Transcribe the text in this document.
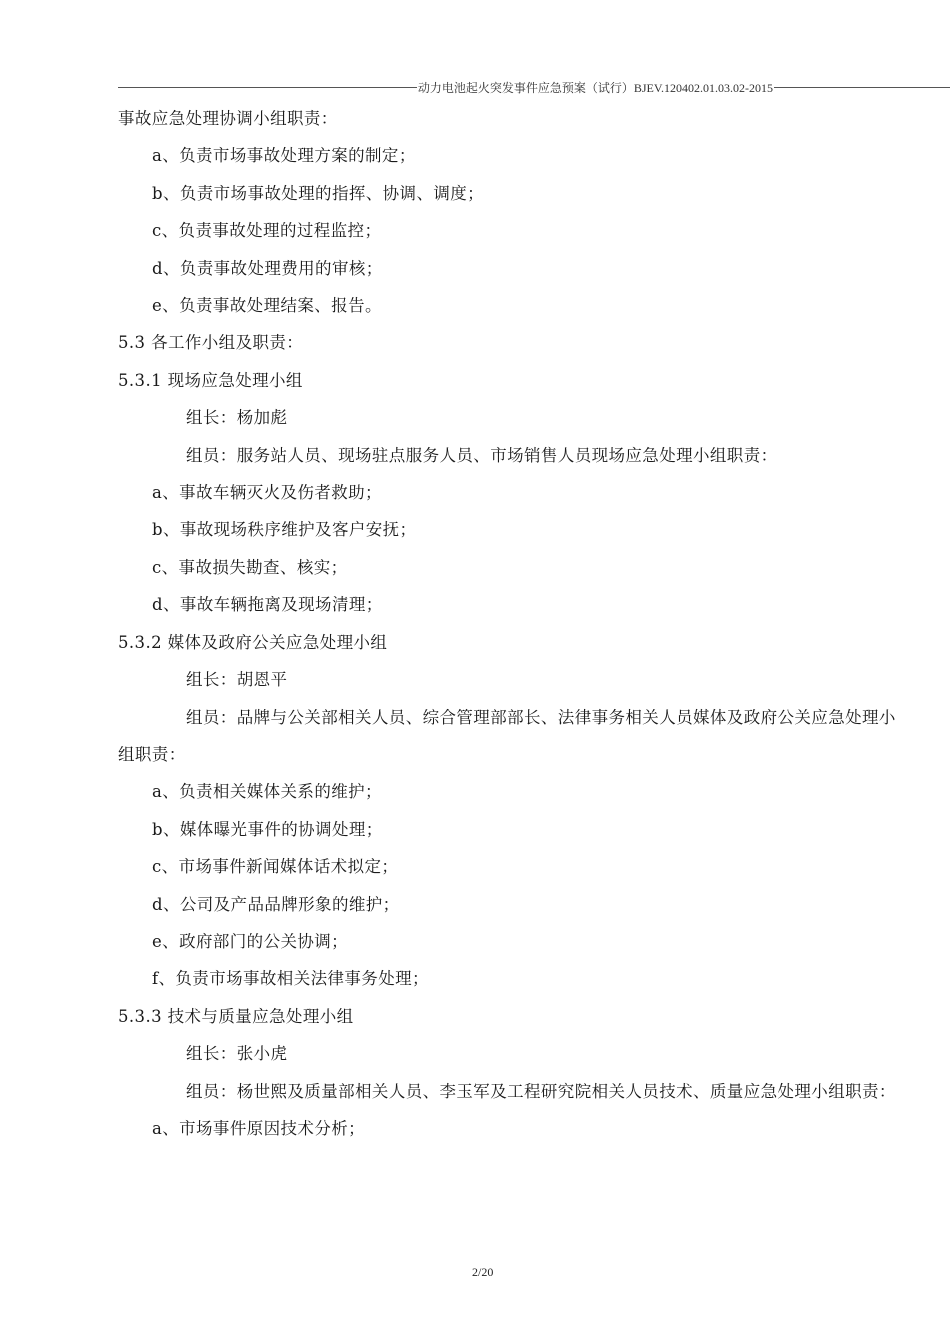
动力电池起火突发事件应急预案（试行）BJEV.120402.01.03.02-2015
事故应急处理协调小组职责：
a、负责市场事故处理方案的制定；
b、负责市场事故处理的指挥、协调、调度；
c、负责事故处理的过程监控；
d、负责事故处理费用的审核；
e、负责事故处理结案、报告。
5.3 各工作小组及职责：
5.3.1 现场应急处理小组
组长：杨加彪
组员：服务站人员、现场驻点服务人员、市场销售人员现场应急处理小组职责：
a、事故车辆灭火及伤者救助；
b、事故现场秩序维护及客户安抚；
c、事故损失勘查、核实；
d、事故车辆拖离及现场清理；
5.3.2 媒体及政府公关应急处理小组
组长：胡恩平
组员：品牌与公关部相关人员、综合管理部部长、法律事务相关人员媒体及政府公关应急处理小组职责：
a、负责相关媒体关系的维护；
b、媒体曝光事件的协调处理；
c、市场事件新闻媒体话术拟定；
d、公司及产品品牌形象的维护；
e、政府部门的公关协调；
f、负责市场事故相关法律事务处理；
5.3.3 技术与质量应急处理小组
组长：张小虎
组员：杨世熙及质量部相关人员、李玉军及工程研究院相关人员技术、质量应急处理小组职责：
a、市场事件原因技术分析；
2/20
